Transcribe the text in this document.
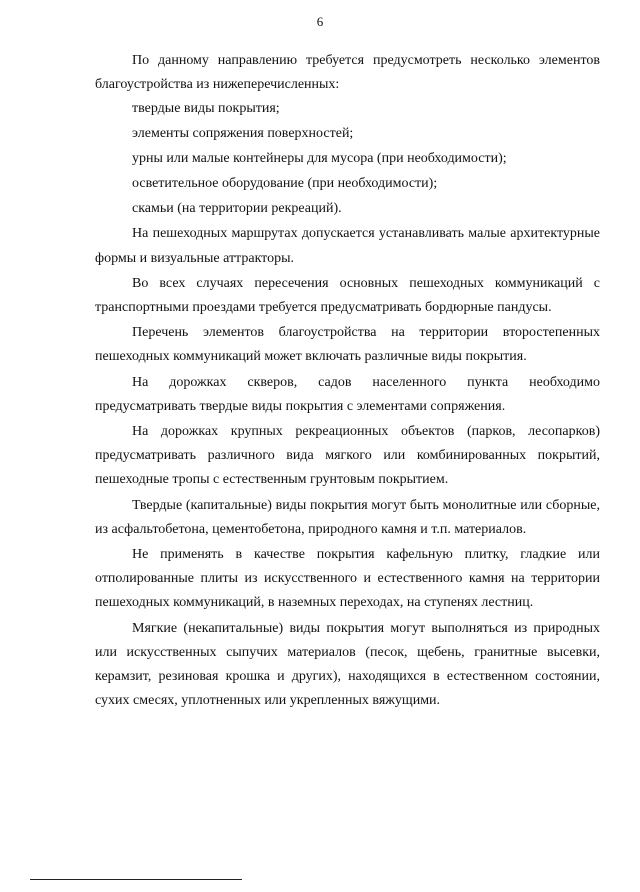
6

По данному направлению требуется предусмотреть несколько элементов благоустройства из нижеперечисленных:

твердые виды покрытия;
элементы сопряжения поверхностей;
урны или малые контейнеры для мусора (при необходимости);
осветительное оборудование (при необходимости);
скамьи (на территории рекреаций).

На пешеходных маршрутах допускается устанавливать малые архитектурные формы и визуальные аттракторы.

Во всех случаях пересечения основных пешеходных коммуникаций с транспортными проездами требуется предусматривать бордюрные пандусы.

Перечень элементов благоустройства на территории второстепенных пешеходных коммуникаций может включать различные виды покрытия.

На дорожках скверов, садов населенного пункта необходимо предусматривать твердые виды покрытия с элементами сопряжения.

На дорожках крупных рекреационных объектов (парков, лесопарков) предусматривать различного вида мягкого или комбинированных покрытий, пешеходные тропы с естественным грунтовым покрытием.

Твердые (капитальные) виды покрытия могут быть монолитные или сборные, из асфальтобетона, цементобетона, природного камня и т.п. материалов.

Не применять в качестве покрытия кафельную плитку, гладкие или отполированные плиты из искусственного и естественного камня на территории пешеходных коммуникаций, в наземных переходах, на ступенях лестниц.

Мягкие (некапитальные) виды покрытия могут выполняться из природных или искусственных сыпучих материалов (песок, щебень, гранитные высевки, керамзит, резиновая крошка и других), находящихся в естественном состоянии, сухих смесях, уплотненных или укрепленных вяжущими.
